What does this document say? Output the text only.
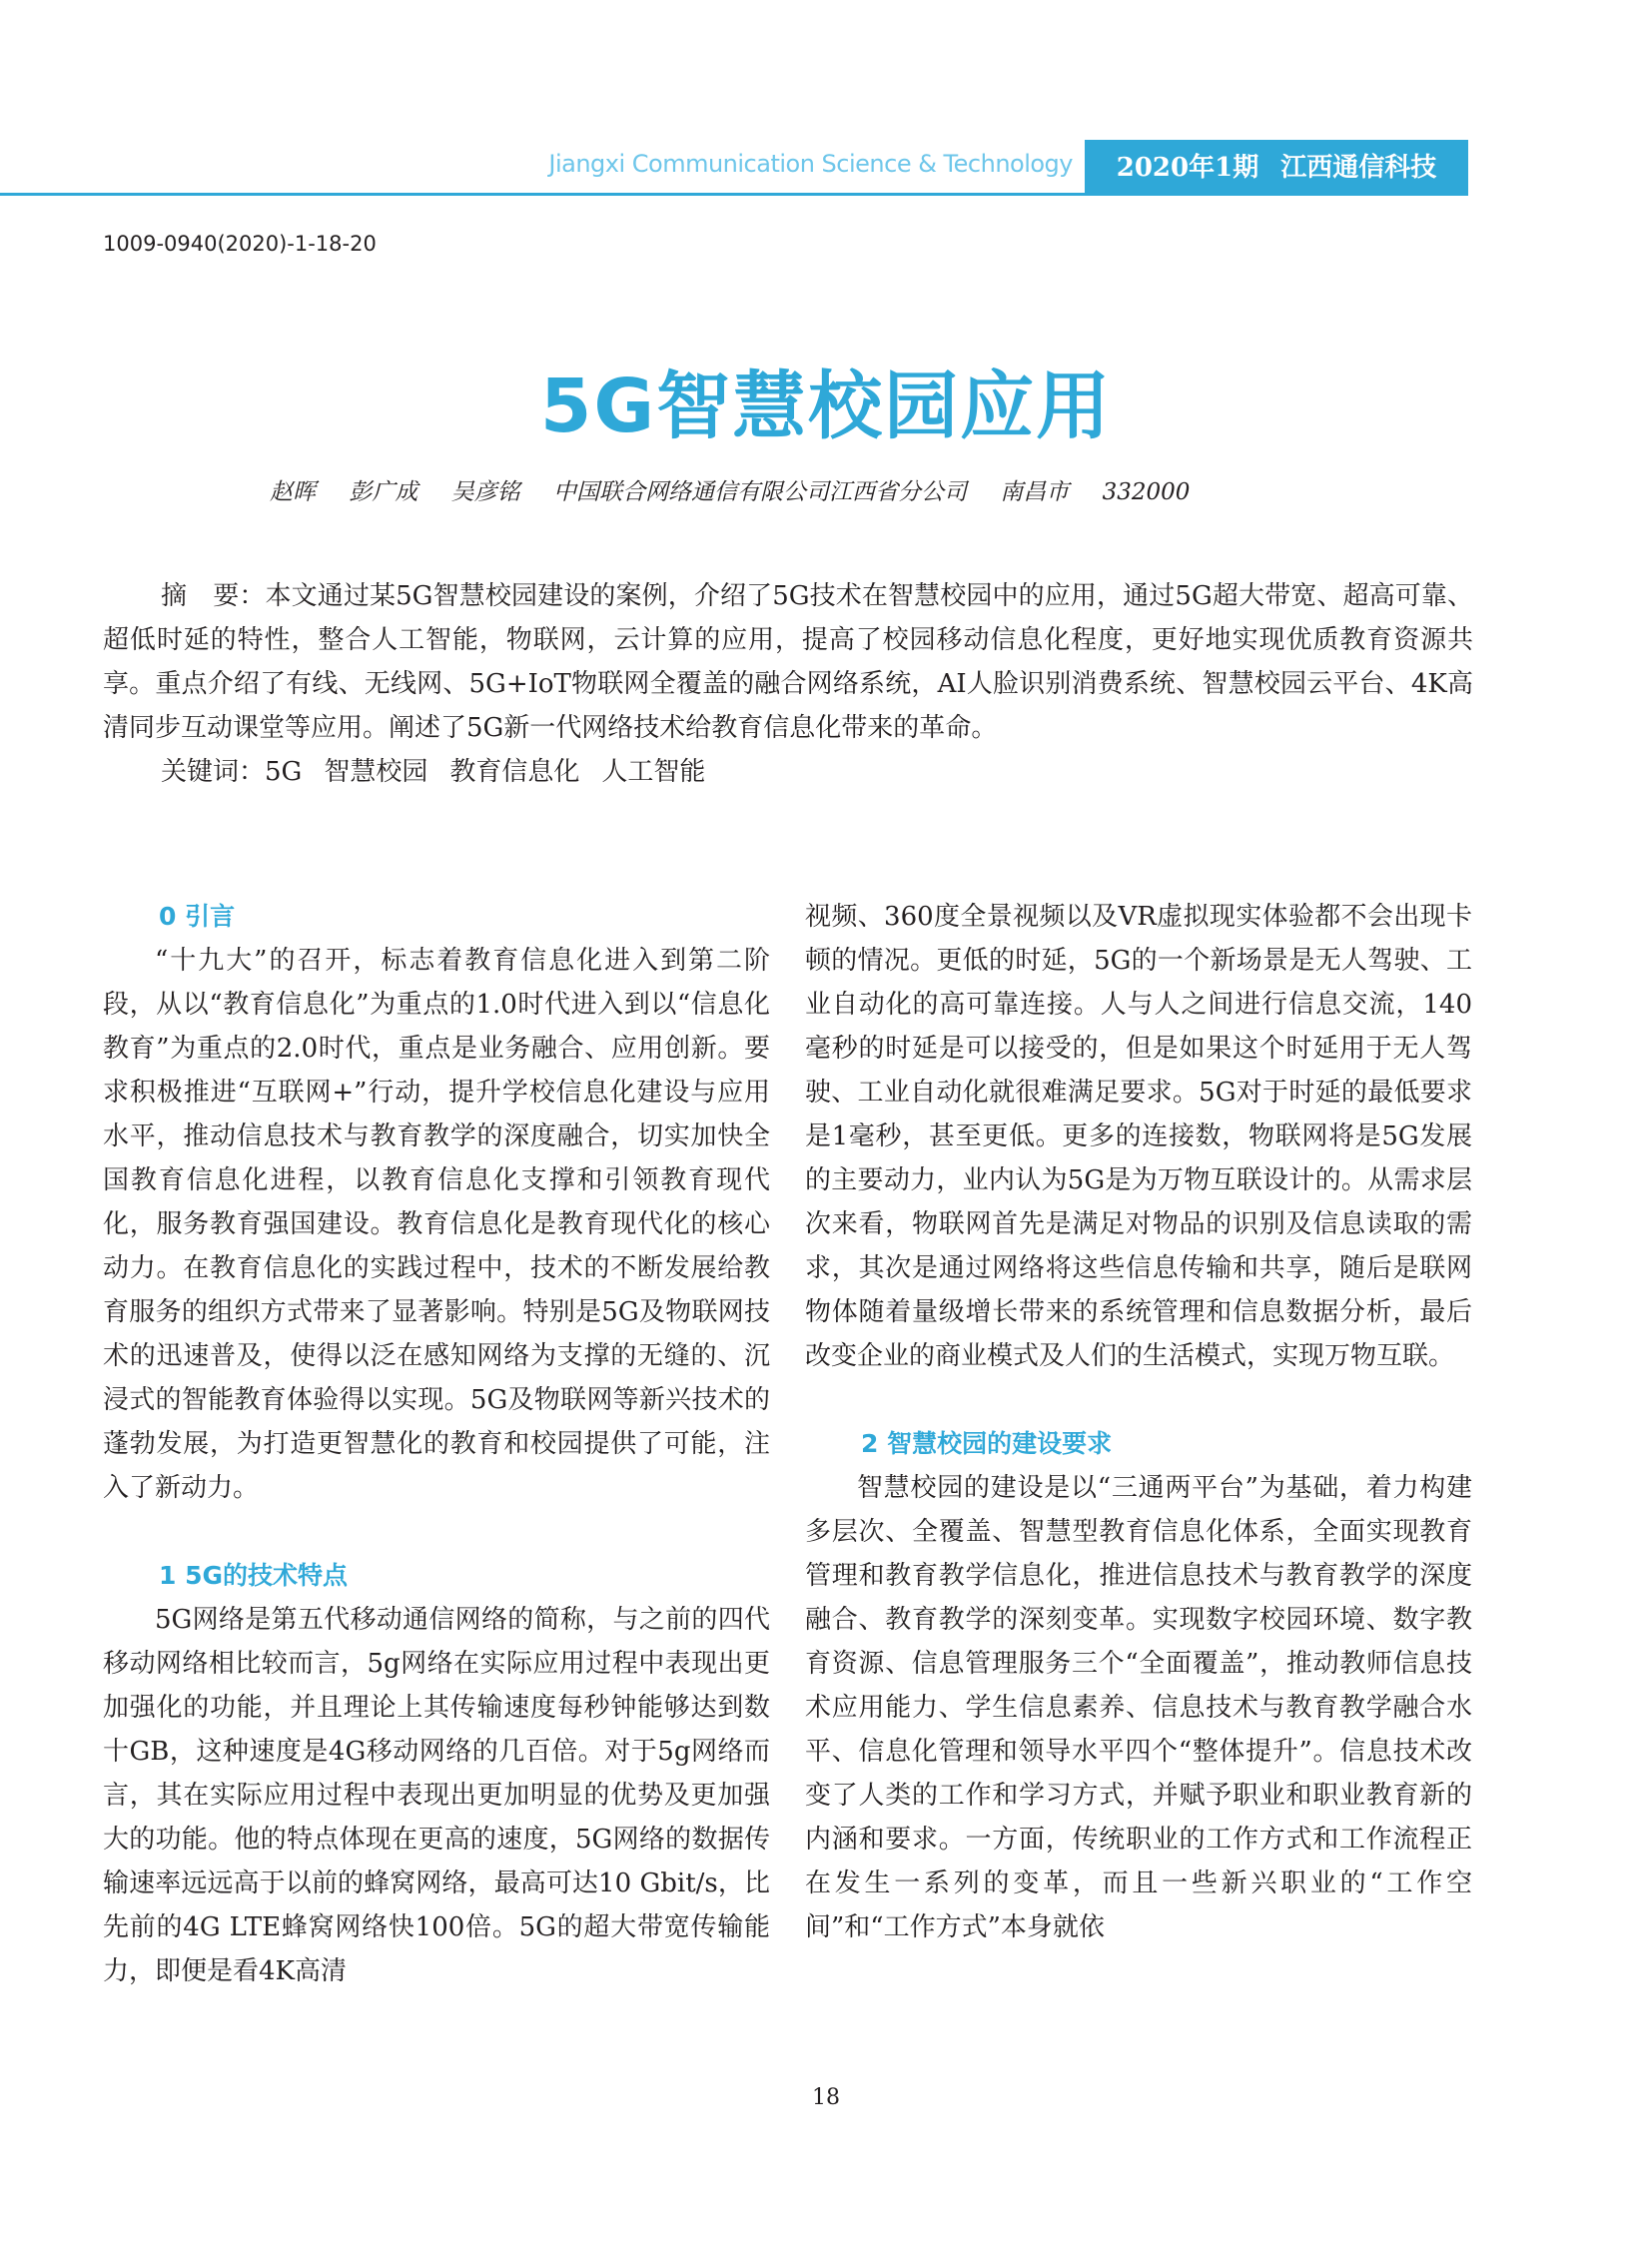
Jiangxi Communication Science & Technology	2020年1期 江西通信科技
1009-0940(2020)-1-18-20
5G智慧校园应用
赵晖 彭广成 吴彦铭 中国联合网络通信有限公司江西省分公司 南昌市 332000

摘　要：本文通过某5G智慧校园建设的案例，介绍了5G技术在智慧校园中的应用，通过5G超大带宽、超高可靠、超低时延的特性，整合人工智能，物联网，云计算的应用，提高了校园移动信息化程度，更好地实现优质教育资源共享。重点介绍了有线、无线网、5G+IoT物联网全覆盖的融合网络系统，AI人脸识别消费系统、智慧校园云平台、4K高清同步互动课堂等应用。阐述了5G新一代网络技术给教育信息化带来的革命。

关键词：5G 智慧校园 教育信息化 人工智能

0 引言

“十九大”的召开，标志着教育信息化进入到第二阶段，从以“教育信息化”为重点的1.0时代进入到以“信息化教育”为重点的2.0时代，重点是业务融合、应用创新。要求积极推进“互联网+”行动，提升学校信息化建设与应用水平，推动信息技术与教育教学的深度融合，切实加快全国教育信息化进程，以教育信息化支撑和引领教育现代化，服务教育强国建设。教育信息化是教育现代化的核心动力。在教育信息化的实践过程中，技术的不断发展给教育服务的组织方式带来了显著影响。特别是5G及物联网技术的迅速普及，使得以泛在感知网络为支撑的无缝的、沉浸式的智能教育体验得以实现。5G及物联网等新兴技术的蓬勃发展，为打造更智慧化的教育和校园提供了可能，注入了新动力。

1 5G的技术特点

5G网络是第五代移动通信网络的简称，与之前的四代移动网络相比较而言，5g网络在实际应用过程中表现出更加强化的功能，并且理论上其传输速度每秒钟能够达到数十GB，这种速度是4G移动网络的几百倍。对于5g网络而言，其在实际应用过程中表现出更加明显的优势及更加强大的功能。他的特点体现在更高的速度，5G网络的数据传输速率远远高于以前的蜂窝网络，最高可达10 Gbit/s，比先前的4G LTE蜂窝网络快100倍。5G的超大带宽传输能力，即便是看4K高清

视频、360度全景视频以及VR虚拟现实体验都不会出现卡顿的情况。更低的时延，5G的一个新场景是无人驾驶、工业自动化的高可靠连接。人与人之间进行信息交流，140毫秒的时延是可以接受的，但是如果这个时延用于无人驾驶、工业自动化就很难满足要求。5G对于时延的最低要求是1毫秒，甚至更低。更多的连接数，物联网将是5G发展的主要动力，业内认为5G是为万物互联设计的。从需求层次来看，物联网首先是满足对物品的识别及信息读取的需求，其次是通过网络将这些信息传输和共享，随后是联网物体随着量级增长带来的系统管理和信息数据分析，最后改变企业的商业模式及人们的生活模式，实现万物互联。

2 智慧校园的建设要求

智慧校园的建设是以“三通两平台”为基础，着力构建多层次、全覆盖、智慧型教育信息化体系，全面实现教育管理和教育教学信息化，推进信息技术与教育教学的深度融合、教育教学的深刻变革。实现数字校园环境、数字教育资源、信息管理服务三个“全面覆盖”，推动教师信息技术应用能力、学生信息素养、信息技术与教育教学融合水平、信息化管理和领导水平四个“整体提升”。信息技术改变了人类的工作和学习方式，并赋予职业和职业教育新的内涵和要求。一方面，传统职业的工作方式和工作流程正在发生一系列的变革，而且一些新兴职业的“工作空间”和“工作方式”本身就依

18
